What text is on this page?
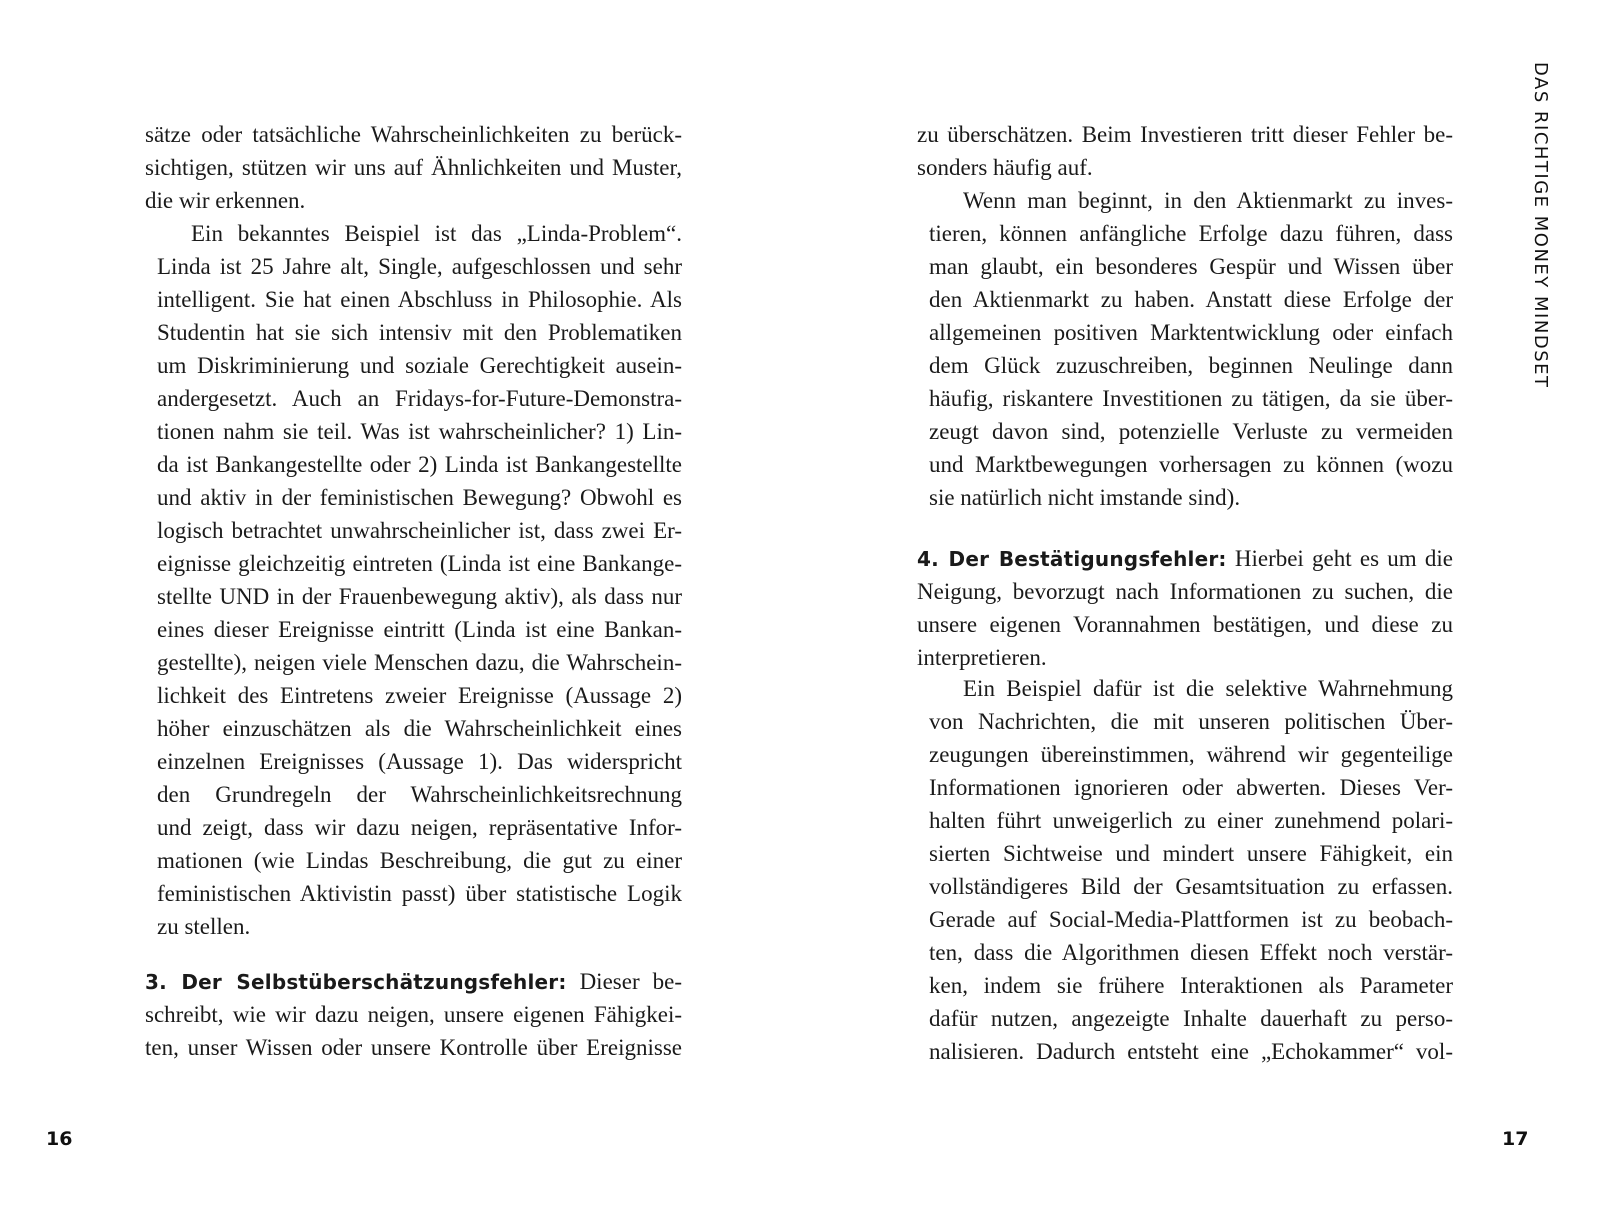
sätze oder tatsächliche Wahrscheinlichkeiten zu berück-
sichtigen, stützen wir uns auf Ähnlichkeiten und Muster,
die wir erkennen.
Ein bekanntes Beispiel ist das „Linda-Problem“.
Linda ist 25 Jahre alt, Single, aufgeschlossen und sehr
intelligent. Sie hat einen Abschluss in Philosophie. Als
Studentin hat sie sich intensiv mit den Problematiken
um Diskriminierung und soziale Gerechtigkeit ausein-
andergesetzt. Auch an Fridays-for-Future-Demonstra-
tionen nahm sie teil. Was ist wahrscheinlicher? 1) Lin-
da ist Bankangestellte oder 2) Linda ist Bankangestellte
und aktiv in der feministischen Bewegung? Obwohl es
logisch betrachtet unwahrscheinlicher ist, dass zwei Er-
eignisse gleichzeitig eintreten (Linda ist eine Bankange-
stellte UND in der Frauenbewegung aktiv), als dass nur
eines dieser Ereignisse eintritt (Linda ist eine Bankan-
gestellte), neigen viele Menschen dazu, die Wahrschein-
lichkeit des Eintretens zweier Ereignisse (Aussage 2)
höher einzuschätzen als die Wahrscheinlichkeit eines
einzelnen Ereignisses (Aussage 1). Das widerspricht
den Grundregeln der Wahrscheinlichkeitsrechnung
und zeigt, dass wir dazu neigen, repräsentative Infor-
mationen (wie Lindas Beschreibung, die gut zu einer
feministischen Aktivistin passt) über statistische Logik
zu stellen.
3. Der Selbstüberschätzungsfehler: Dieser be-
schreibt, wie wir dazu neigen, unsere eigenen Fähigkei-
ten, unser Wissen oder unsere Kontrolle über Ereignisse
16
zu überschätzen. Beim Investieren tritt dieser Fehler be-
sonders häufig auf.
Wenn man beginnt, in den Aktienmarkt zu inves-
tieren, können anfängliche Erfolge dazu führen, dass
man glaubt, ein besonderes Gespür und Wissen über
den Aktienmarkt zu haben. Anstatt diese Erfolge der
allgemeinen positiven Marktentwicklung oder einfach
dem Glück zuzuschreiben, beginnen Neulinge dann
häufig, riskantere Investitionen zu tätigen, da sie über-
zeugt davon sind, potenzielle Verluste zu vermeiden
und Marktbewegungen vorhersagen zu können (wozu
sie natürlich nicht imstande sind).
4. Der Bestätigungsfehler: Hierbei geht es um die
Neigung, bevorzugt nach Informationen zu suchen, die
unsere eigenen Vorannahmen bestätigen, und diese zu
interpretieren.
Ein Beispiel dafür ist die selektive Wahrnehmung
von Nachrichten, die mit unseren politischen Über-
zeugungen übereinstimmen, während wir gegenteilige
Informationen ignorieren oder abwerten. Dieses Ver-
halten führt unweigerlich zu einer zunehmend polari-
sierten Sichtweise und mindert unsere Fähigkeit, ein
vollständigeres Bild der Gesamtsituation zu erfassen.
Gerade auf Social-Media-Plattformen ist zu beobach-
ten, dass die Algorithmen diesen Effekt noch verstär-
ken, indem sie frühere Interaktionen als Parameter
dafür nutzen, angezeigte Inhalte dauerhaft zu perso-
nalisieren. Dadurch entsteht eine „Echokammer“ vol-
DAS RICHTIGE MONEY MINDSET
17
